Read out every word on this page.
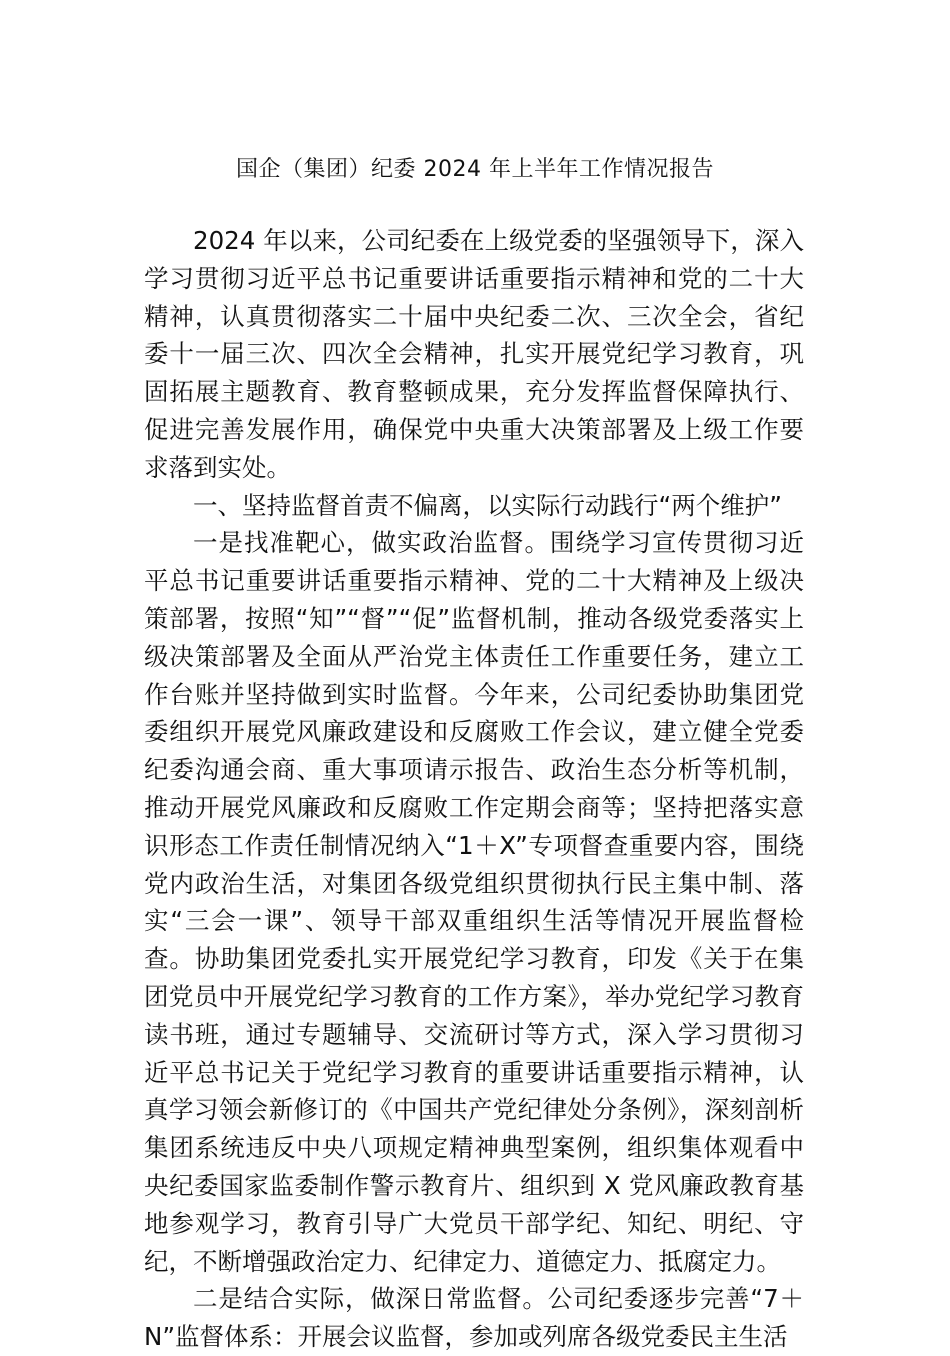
国企（集团）纪委 2024 年上半年工作情况报告

2024 年以来，公司纪委在上级党委的坚强领导下，深入学习贯彻习近平总书记重要讲话重要指示精神和党的二十大精神，认真贯彻落实二十届中央纪委二次、三次全会，省纪委十一届三次、四次全会精神，扎实开展党纪学习教育，巩固拓展主题教育、教育整顿成果，充分发挥监督保障执行、促进完善发展作用，确保党中央重大决策部署及上级工作要求落到实处。

一、坚持监督首责不偏离，以实际行动践行“两个维护”

一是找准靶心，做实政治监督。围绕学习宣传贯彻习近平总书记重要讲话重要指示精神、党的二十大精神及上级决策部署，按照“知”“督”“促”监督机制，推动各级党委落实上级决策部署及全面从严治党主体责任工作重要任务，建立工作台账并坚持做到实时监督。今年来，公司纪委协助集团党委组织开展党风廉政建设和反腐败工作会议，建立健全党委纪委沟通会商、重大事项请示报告、政治生态分析等机制，推动开展党风廉政和反腐败工作定期会商等；坚持把落实意识形态工作责任制情况纳入“1＋X”专项督查重要内容，围绕党内政治生活，对集团各级党组织贯彻执行民主集中制、落实“三会一课”、领导干部双重组织生活等情况开展监督检查。协助集团党委扎实开展党纪学习教育，印发《关于在集团党员中开展党纪学习教育的工作方案》，举办党纪学习教育读书班，通过专题辅导、交流研讨等方式，深入学习贯彻习近平总书记关于党纪学习教育的重要讲话重要指示精神，认真学习领会新修订的《中国共产党纪律处分条例》，深刻剖析集团系统违反中央八项规定精神典型案例，组织集体观看中央纪委国家监委制作警示教育片、组织到 X 党风廉政教育基地参观学习，教育引导广大党员干部学纪、知纪、明纪、守纪，不断增强政治定力、纪律定力、道德定力、抵腐定力。

二是结合实际，做深日常监督。公司纪委逐步完善“7＋N”监督体系：开展会议监督，参加或列席各级党委民主生活
